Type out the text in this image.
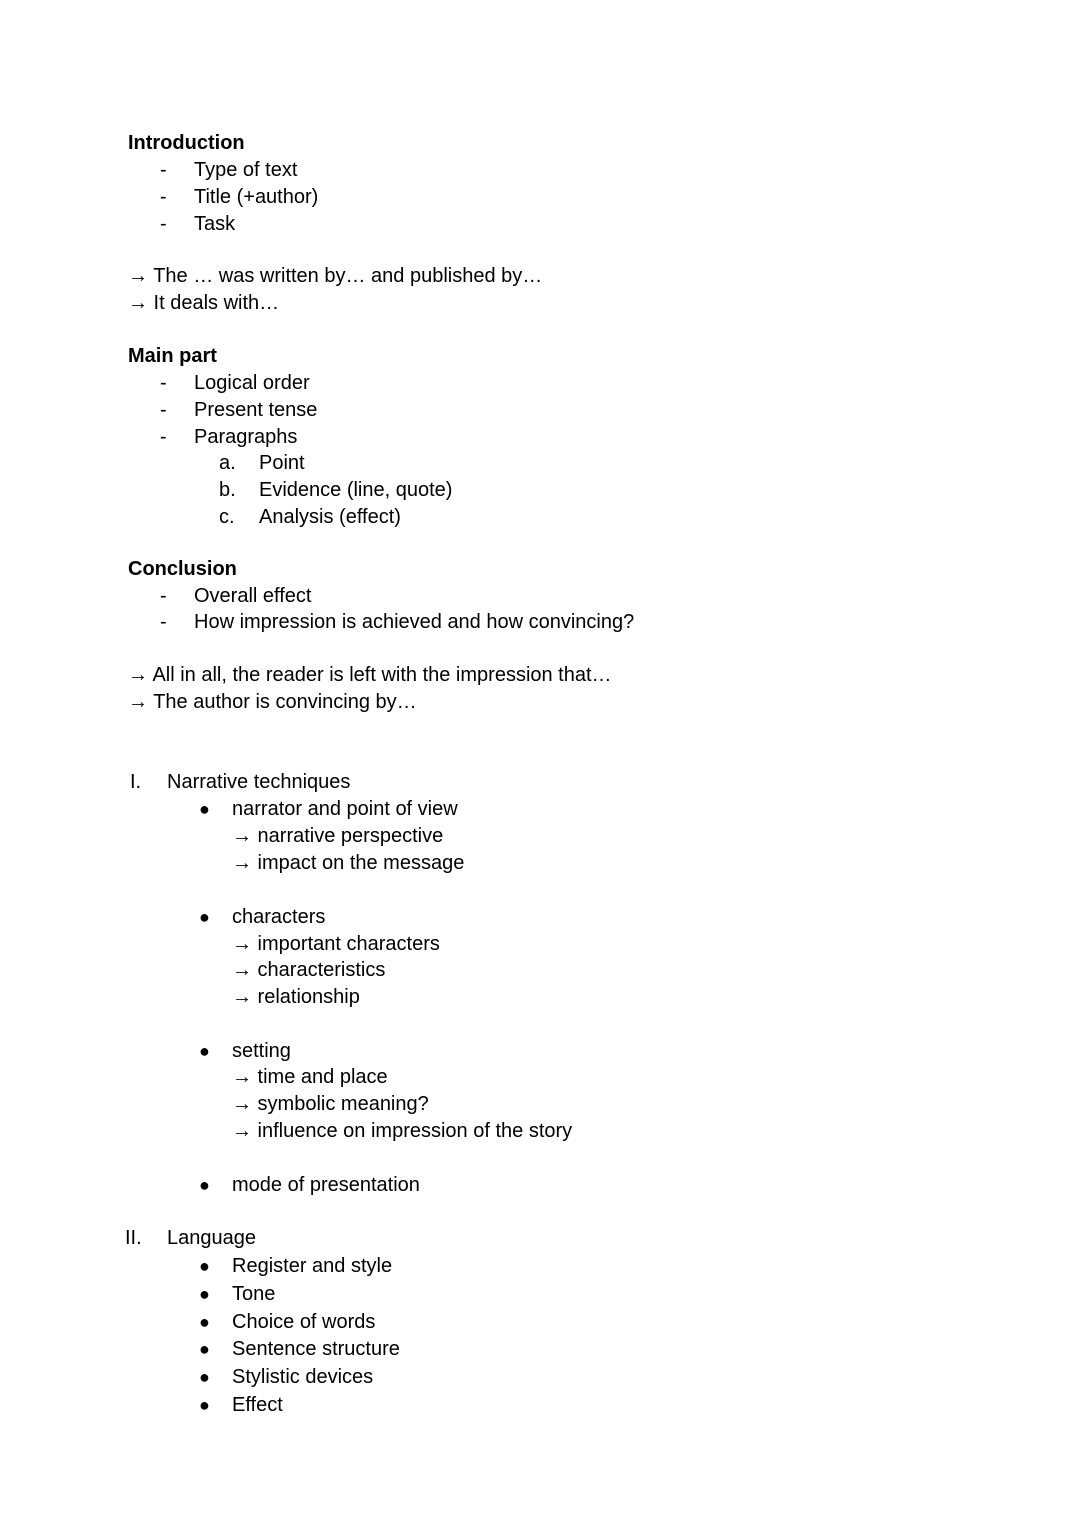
Introduction
- Type of text
- Title (+author)
- Task
→ The … was written by… and published by…
→ It deals with…
Main part
- Logical order
- Present tense
- Paragraphs
a. Point
b. Evidence (line, quote)
c. Analysis (effect)
Conclusion
- Overall effect
- How impression is achieved and how convincing?
→ All in all, the reader is left with the impression that…
→ The author is convincing by…
I. Narrative techniques
● narrator and point of view
→ narrative perspective
→ impact on the message
● characters
→ important characters
→ characteristics
→ relationship
● setting
→ time and place
→ symbolic meaning?
→ influence on impression of the story
● mode of presentation
II. Language
● Register and style
● Tone
● Choice of words
● Sentence structure
● Stylistic devices
● Effect
